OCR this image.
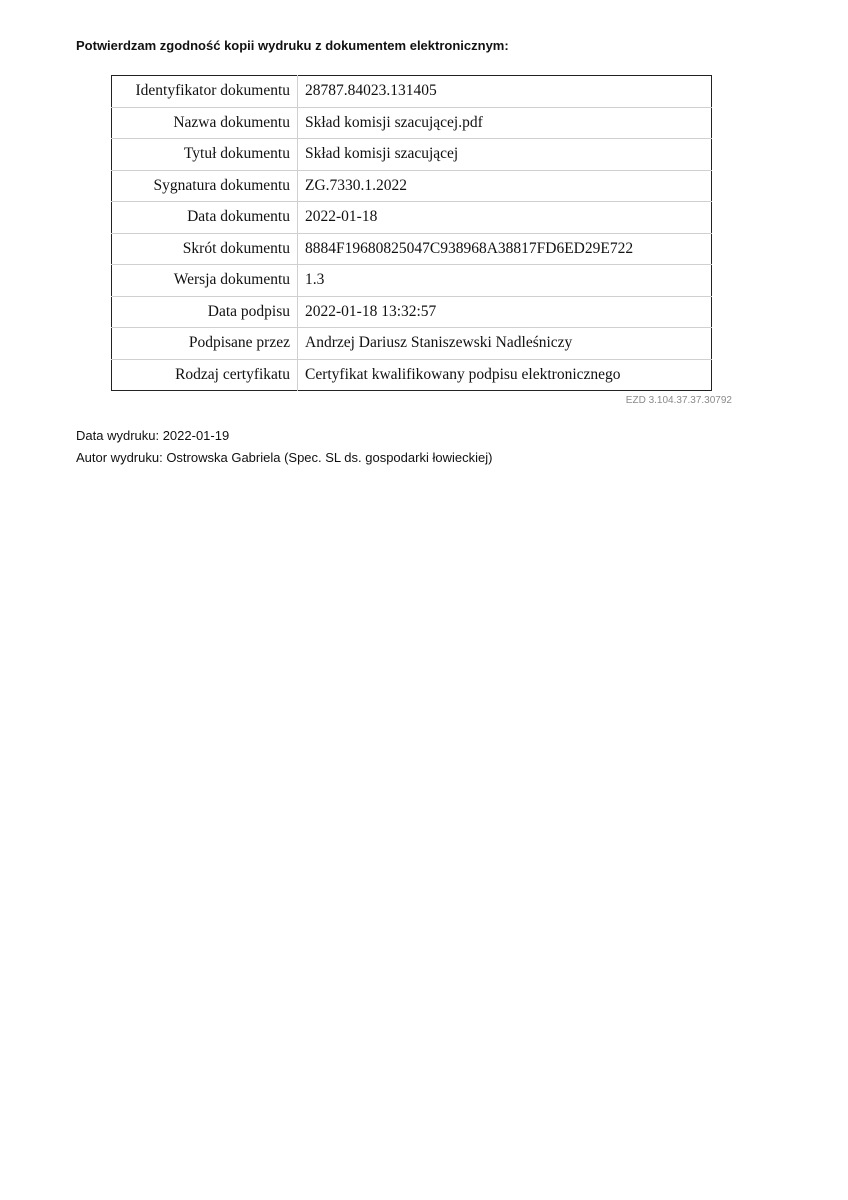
Potwierdzam zgodność kopii wydruku z dokumentem elektronicznym:
Identyfikator dokumentu	28787.84023.131405
Nazwa dokumentu	Skład komisji szacującej.pdf
Tytuł dokumentu	Skład komisji szacującej
Sygnatura dokumentu	ZG.7330.1.2022
Data dokumentu	2022-01-18
Skrót dokumentu	8884F19680825047C938968A38817FD6ED29E722
Wersja dokumentu	1.3
Data podpisu	2022-01-18 13:32:57
Podpisane przez	Andrzej Dariusz Staniszewski Nadleśniczy
Rodzaj certyfikatu	Certyfikat kwalifikowany podpisu elektronicznego
EZD 3.104.37.37.30792
Data wydruku: 2022-01-19
Autor wydruku: Ostrowska Gabriela (Spec. SL ds. gospodarki łowieckiej)
